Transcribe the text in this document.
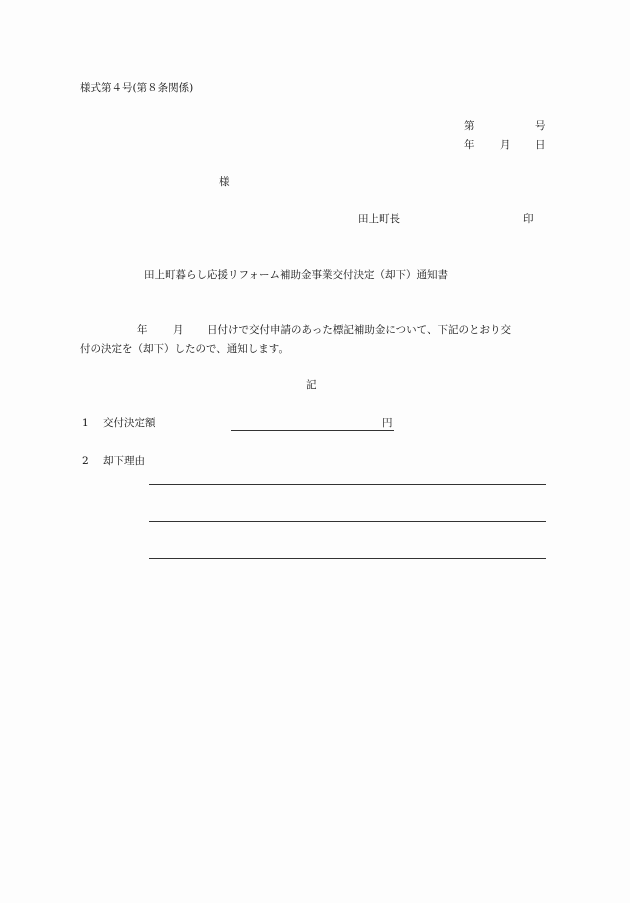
様式第４号(第８条関係)
第	号
年 月 日
様
田上町長	印
田上町暮らし応援リフォーム補助金事業交付決定（却下）通知書
年 月 日付けで交付申請のあった標記補助金について、下記のとおり交
付の決定を（却下）したので、通知します。
記
1 交付決定額	円
2 却下理由
